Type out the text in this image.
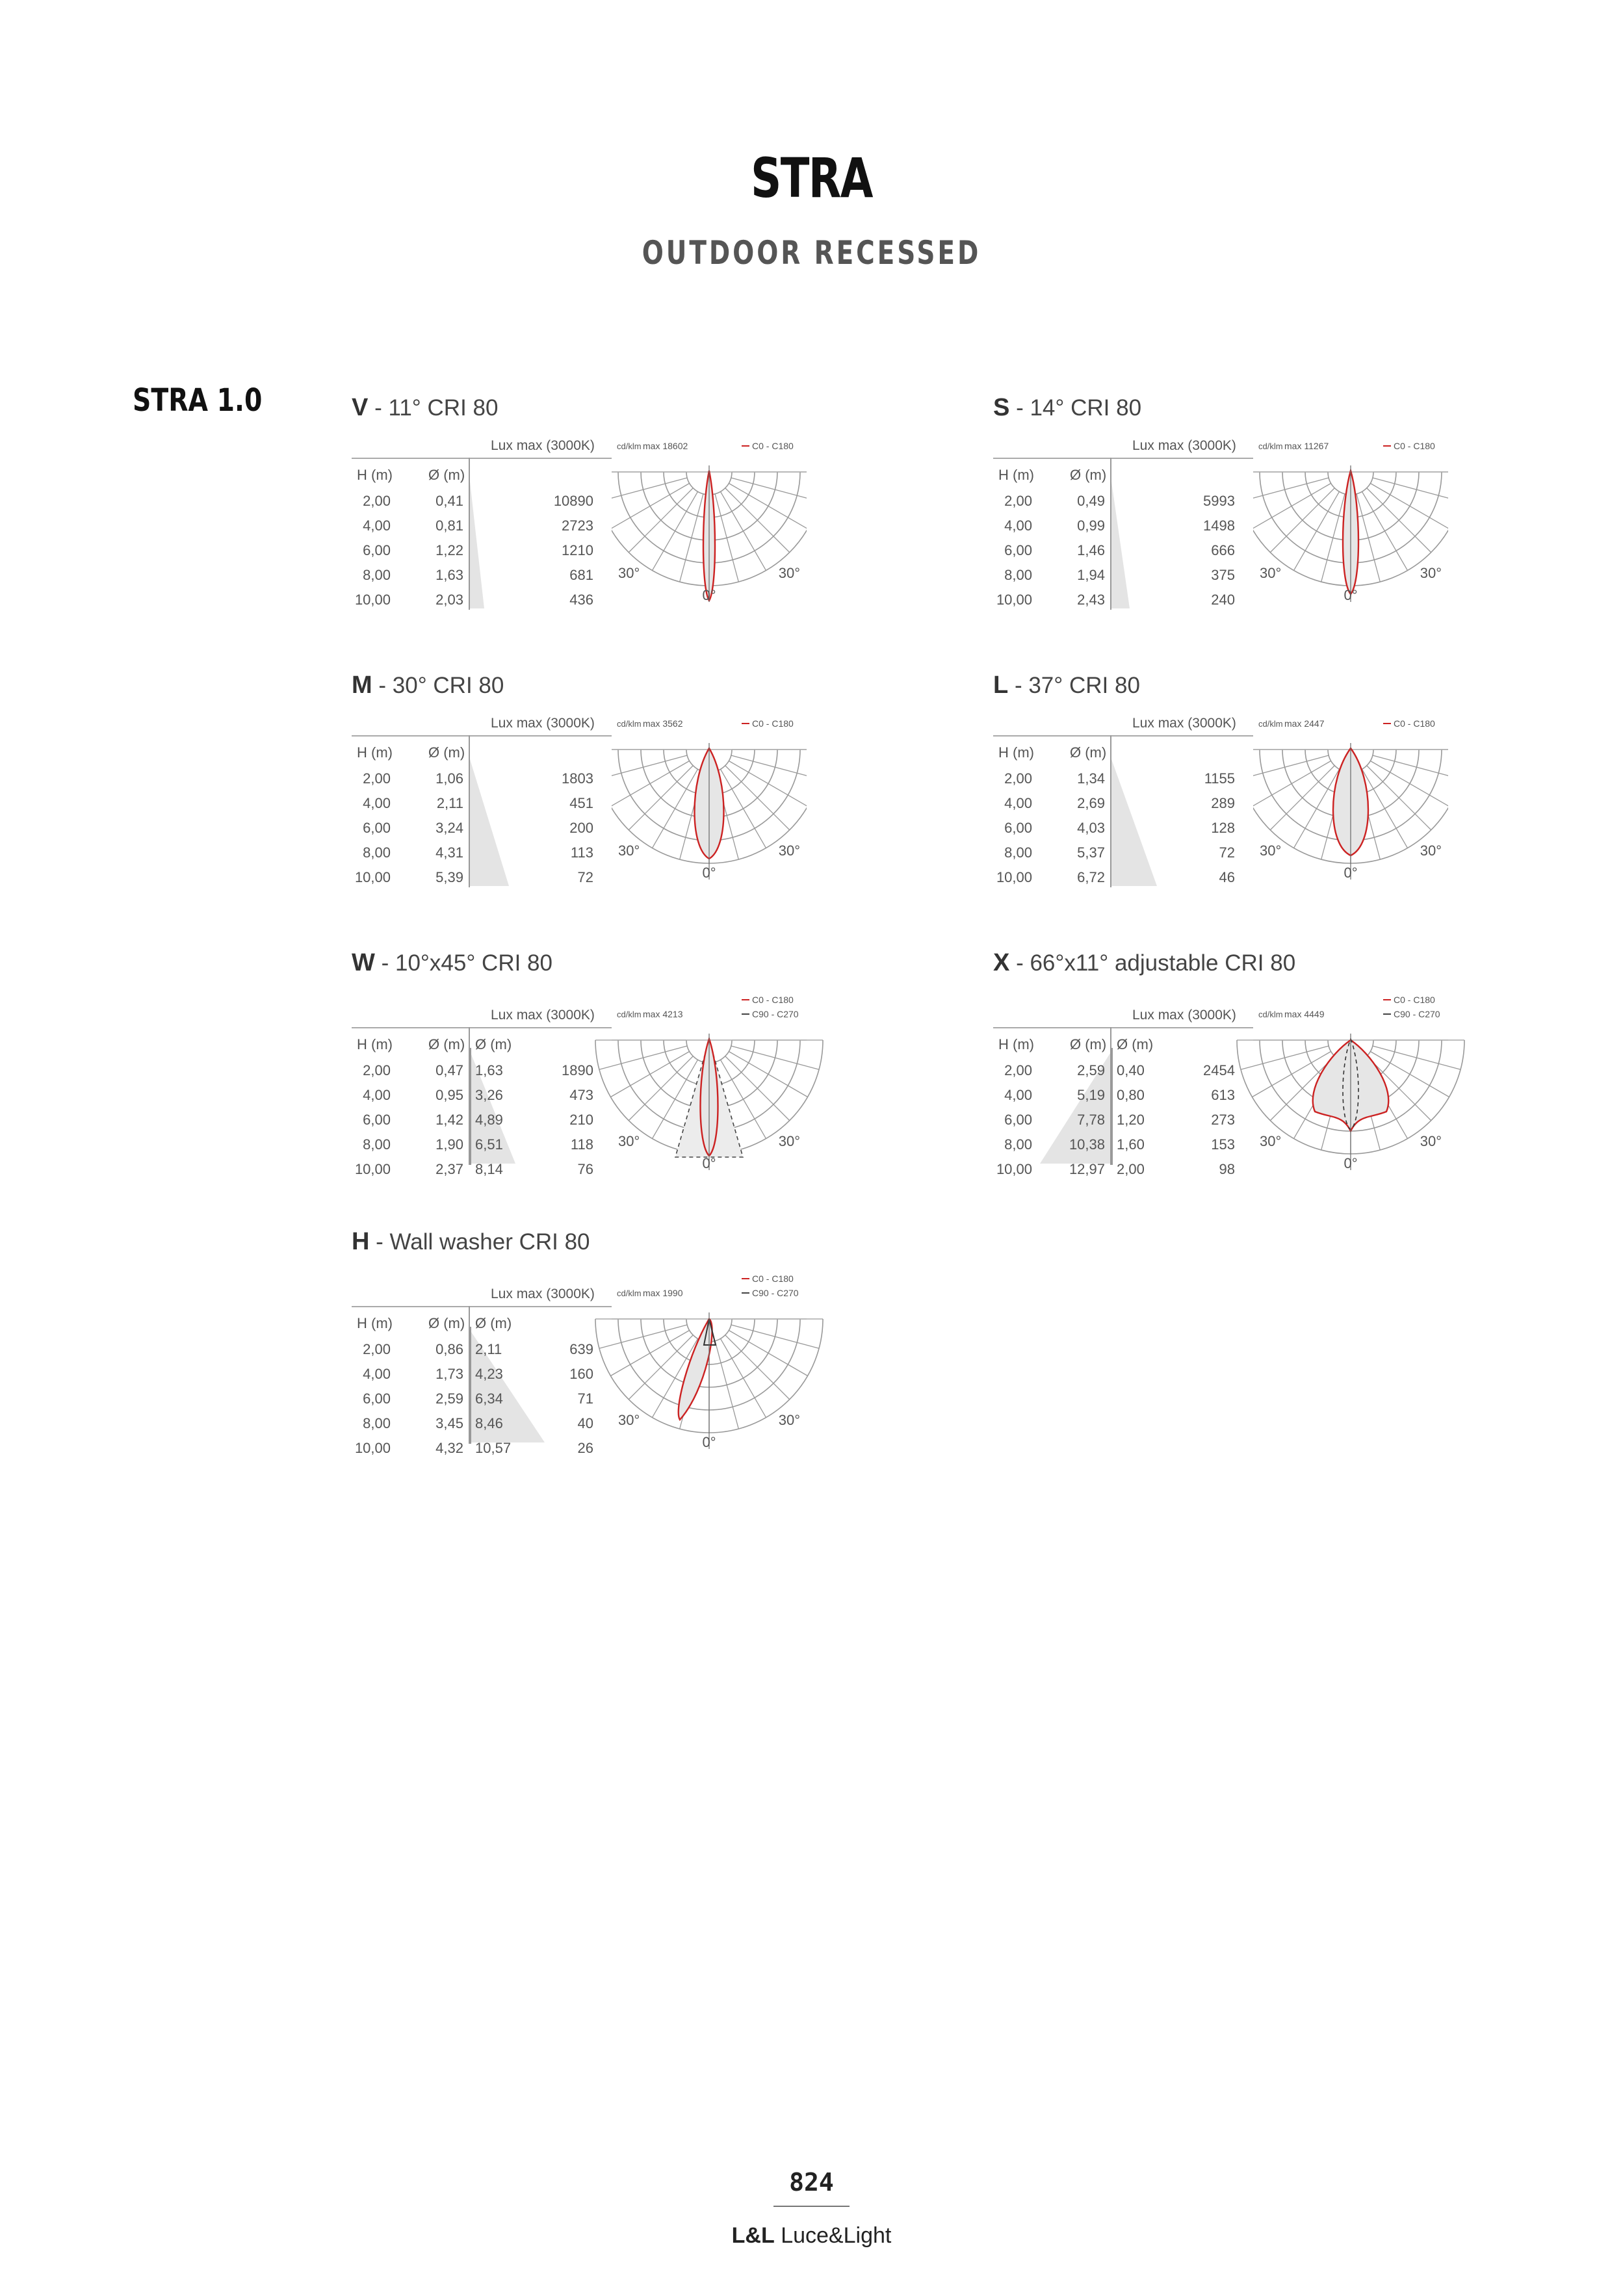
STRA
OUTDOOR RECESSED
STRA 1.0	V - 11° CRI 80
Lux max (3000K)
H (m)	Ø (m)
2,00	0,41	10890
4,00	0,81	2723
6,00	1,22	1210
8,00	1,63	681
10,00	2,03	436
cd/klm max 18602	C0 - C180
30°	30°
0°
S - 14° CRI 80
Lux max (3000K)
H (m)	Ø (m)
2,00	0,49	5993
4,00	0,99	1498
6,00	1,46	666
8,00	1,94	375
10,00	2,43	240
cd/klm max 11267	C0 - C180
30°	30°
0°
M - 30° CRI 80
Lux max (3000K)
H (m)	Ø (m)
2,00	1,06	1803
4,00	2,11	451
6,00	3,24	200
8,00	4,31	113
10,00	5,39	72
cd/klm max 3562	C0 - C180
30°	30°
0°
L - 37° CRI 80
Lux max (3000K)
H (m)	Ø (m)
2,00	1,34	1155
4,00	2,69	289
6,00	4,03	128
8,00	5,37	72
10,00	6,72	46
cd/klm max 2447	C0 - C180
30°	30°
0°
W - 10°x45° CRI 80
Lux max (3000K)
H (m)	Ø (m) Ø (m)
2,00	0,47 1,63	1890
4,00	0,95 3,26	473
6,00	1,42 4,89	210
8,00	1,90 6,51	118
10,00	2,37 8,14	76
cd/klm max 4213
C0 - C180
C90 - C270
30°	30°
0°
X - 66°x11° adjustable CRI 80
Lux max (3000K)
H (m)	Ø (m) Ø (m)
2,00	2,59 0,40	2454
4,00	5,19 0,80	613
6,00	7,78 1,20	273
8,00	10,38 1,60	153
10,00	12,97 2,00	98
cd/klm max 4449
C0 - C180
C90 - C270
30°	30°
0°
H - Wall washer CRI 80
Lux max (3000K)
H (m)	Ø (m) Ø (m)
2,00	0,86 2,11	639
4,00	1,73 4,23	160
6,00	2,59 6,34	71
8,00	3,45 8,46	40
10,00	4,32 10,57	26
cd/klm max 1990
C0 - C180
C90 - C270
30°	30°
0°
824
L&L Luce&Light
